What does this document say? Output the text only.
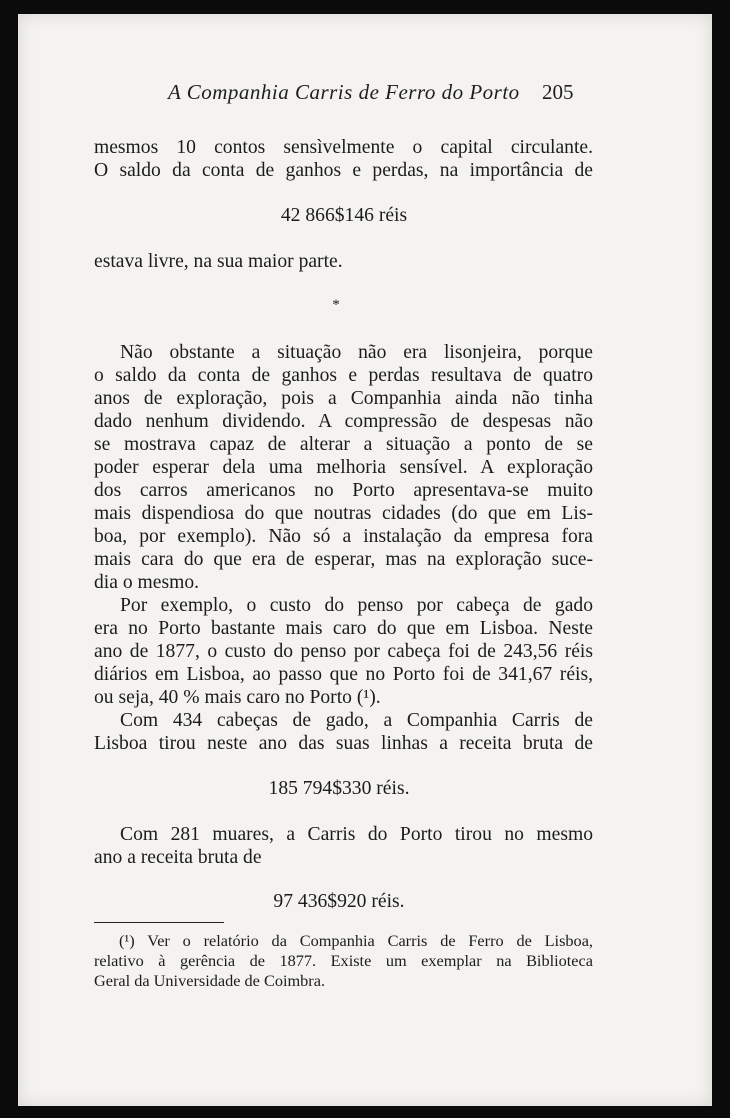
A Companhia Carris de Ferro do Porto 205
mesmos 10 contos sensìvelmente o capital circulante.
O saldo da conta de ganhos e perdas, na importância de
42 866$146 réis
estava livre, na sua maior parte.
*
Não obstante a situação não era lisonjeira, porque
o saldo da conta de ganhos e perdas resultava de quatro
anos de exploração, pois a Companhia ainda não tinha
dado nenhum dividendo. A compressão de despesas não
se mostrava capaz de alterar a situação a ponto de se
poder esperar dela uma melhoria sensível. A exploração
dos carros americanos no Porto apresentava-se muito
mais dispendiosa do que noutras cidades (do que em Lis-
boa, por exemplo). Não só a instalação da empresa fora
mais cara do que era de esperar, mas na exploração suce-
dia o mesmo.
Por exemplo, o custo do penso por cabeça de gado
era no Porto bastante mais caro do que em Lisboa. Neste
ano de 1877, o custo do penso por cabeça foi de 243,56 réis
diários em Lisboa, ao passo que no Porto foi de 341,67 réis,
ou seja, 40 % mais caro no Porto (¹).
Com 434 cabeças de gado, a Companhia Carris de
Lisboa tirou neste ano das suas linhas a receita bruta de
185 794$330 réis.
Com 281 muares, a Carris do Porto tirou no mesmo
ano a receita bruta de
97 436$920 réis.
(¹) Ver o relatório da Companhia Carris de Ferro de Lisboa,
relativo à gerência de 1877. Existe um exemplar na Biblioteca
Geral da Universidade de Coimbra.
